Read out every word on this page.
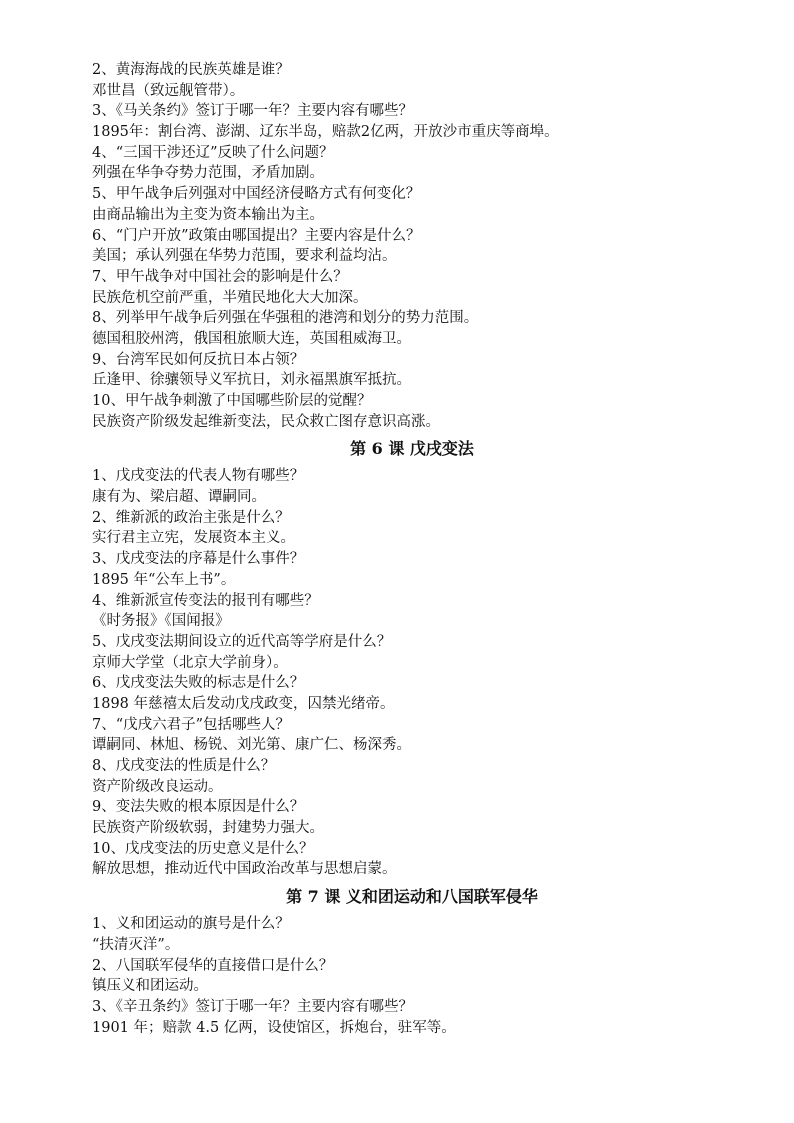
2、黄海海战的民族英雄是谁？
邓世昌（致远舰管带）。
3、《马关条约》签订于哪一年？主要内容有哪些？
1895年：割台湾、澎湖、辽东半岛，赔款2亿两，开放沙市重庆等商埠。
4、“三国干涉还辽”反映了什么问题？
列强在华争夺势力范围，矛盾加剧。
5、甲午战争后列强对中国经济侵略方式有何变化？
由商品输出为主变为资本输出为主。
6、“门户开放”政策由哪国提出？主要内容是什么？
美国；承认列强在华势力范围，要求利益均沾。
7、甲午战争对中国社会的影响是什么？
民族危机空前严重，半殖民地化大大加深。
8、列举甲午战争后列强在华强租的港湾和划分的势力范围。
德国租胶州湾，俄国租旅顺大连，英国租威海卫。
9、台湾军民如何反抗日本占领？
丘逢甲、徐骧领导义军抗日，刘永福黑旗军抵抗。
10、甲午战争刺激了中国哪些阶层的觉醒？
民族资产阶级发起维新变法，民众救亡图存意识高涨。
第 6 课 戊戌变法
1、戊戌变法的代表人物有哪些？
康有为、梁启超、谭嗣同。
2、维新派的政治主张是什么？
实行君主立宪，发展资本主义。
3、戊戌变法的序幕是什么事件？
1895 年“公车上书”。
4、维新派宣传变法的报刊有哪些？
《时务报》《国闻报》
5、戊戌变法期间设立的近代高等学府是什么？
京师大学堂（北京大学前身）。
6、戊戌变法失败的标志是什么？
1898 年慈禧太后发动戊戌政变，囚禁光绪帝。
7、“戊戌六君子”包括哪些人？
谭嗣同、林旭、杨锐、刘光第、康广仁、杨深秀。
8、戊戌变法的性质是什么？
资产阶级改良运动。
9、变法失败的根本原因是什么？
民族资产阶级软弱，封建势力强大。
10、戊戌变法的历史意义是什么？
解放思想，推动近代中国政治改革与思想启蒙。
第 7 课 义和团运动和八国联军侵华
1、义和团运动的旗号是什么？
“扶清灭洋”。
2、八国联军侵华的直接借口是什么？
镇压义和团运动。
3、《辛丑条约》签订于哪一年？主要内容有哪些？
1901 年；赔款 4.5 亿两，设使馆区，拆炮台，驻军等。
